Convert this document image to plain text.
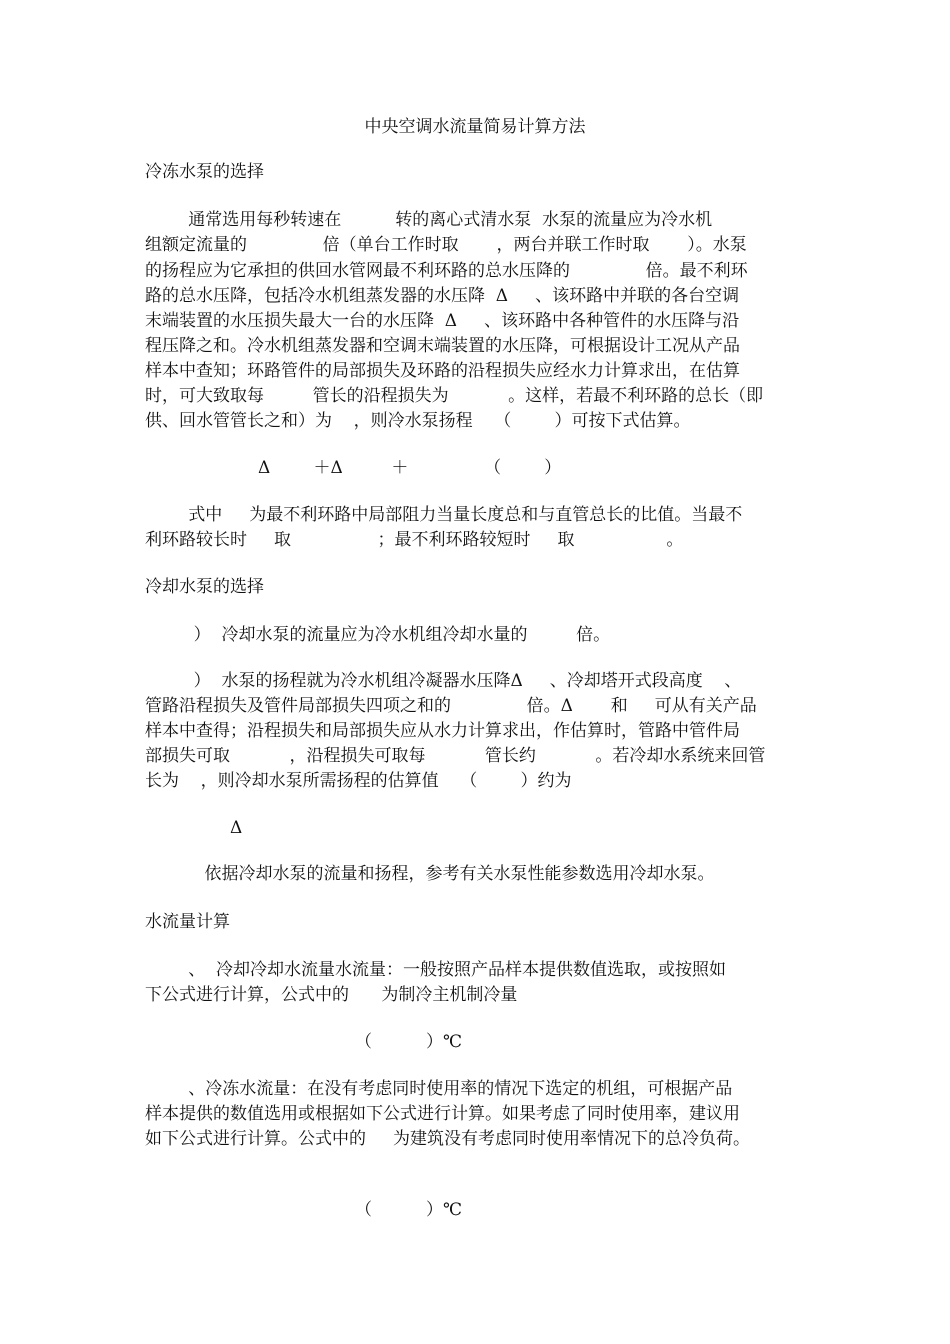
中央空调水流量简易计算方法

冷冻水泵的选择

通常选用每秒转速在          转的离心式清水泵  水泵的流量应为冷水机

组额定流量的              倍（单台工作时取       ，两台并联工作时取       ）。水泵

的扬程应为它承担的供回水管网最不利环路的总水压降的              倍。最不利环

路的总水压降，包括冷水机组蒸发器的水压降  Δ     、该环路中并联的各台空调

末端装置的水压损失最大一台的水压降  Δ     、该环路中各种管件的水压降与沿

程压降之和。冷水机组蒸发器和空调末端装置的水压降，可根据设计工况从产品

样本中查知；环路管件的局部损失及环路的沿程损失应经水力计算求出，在估算

时，可大致取每         管长的沿程损失为           。这样，若最不利环路的总长（即

供、回水管管长之和）为    ，则冷水泵扬程    （        ）可按下式估算。

Δ        ＋Δ         ＋              （        ）

式中     为最不利环路中局部阻力当量长度总和与直管总长的比值。当最不

利环路较长时     取                ；最不利环路较短时     取                 。

冷却水泵的选择

）  冷却水泵的流量应为冷水机组冷却水量的         倍。

）  水泵的扬程就为冷水机组冷凝器水压降Δ     、冷却塔开式段高度    、

管路沿程损失及管件局部损失四项之和的              倍。Δ       和     可从有关产品

样本中查得；沿程损失和局部损失应从水力计算求出，作估算时，管路中管件局

部损失可取           ，沿程损失可取每           管长约           。若冷却水系统来回管

长为    ，则冷却水泵所需扬程的估算值    （        ）约为

Δ

依据冷却水泵的流量和扬程，参考有关水泵性能参数选用冷却水泵。

水流量计算

、  冷却冷却水流量水流量：一般按照产品样本提供数值选取，或按照如

下公式进行计算，公式中的      为制冷主机制冷量

（          ）℃

、冷冻水流量：在没有考虑同时使用率的情况下选定的机组，可根据产品

样本提供的数值选用或根据如下公式进行计算。如果考虑了同时使用率，建议用

如下公式进行计算。公式中的     为建筑没有考虑同时使用率情况下的总冷负荷。

（          ）℃
